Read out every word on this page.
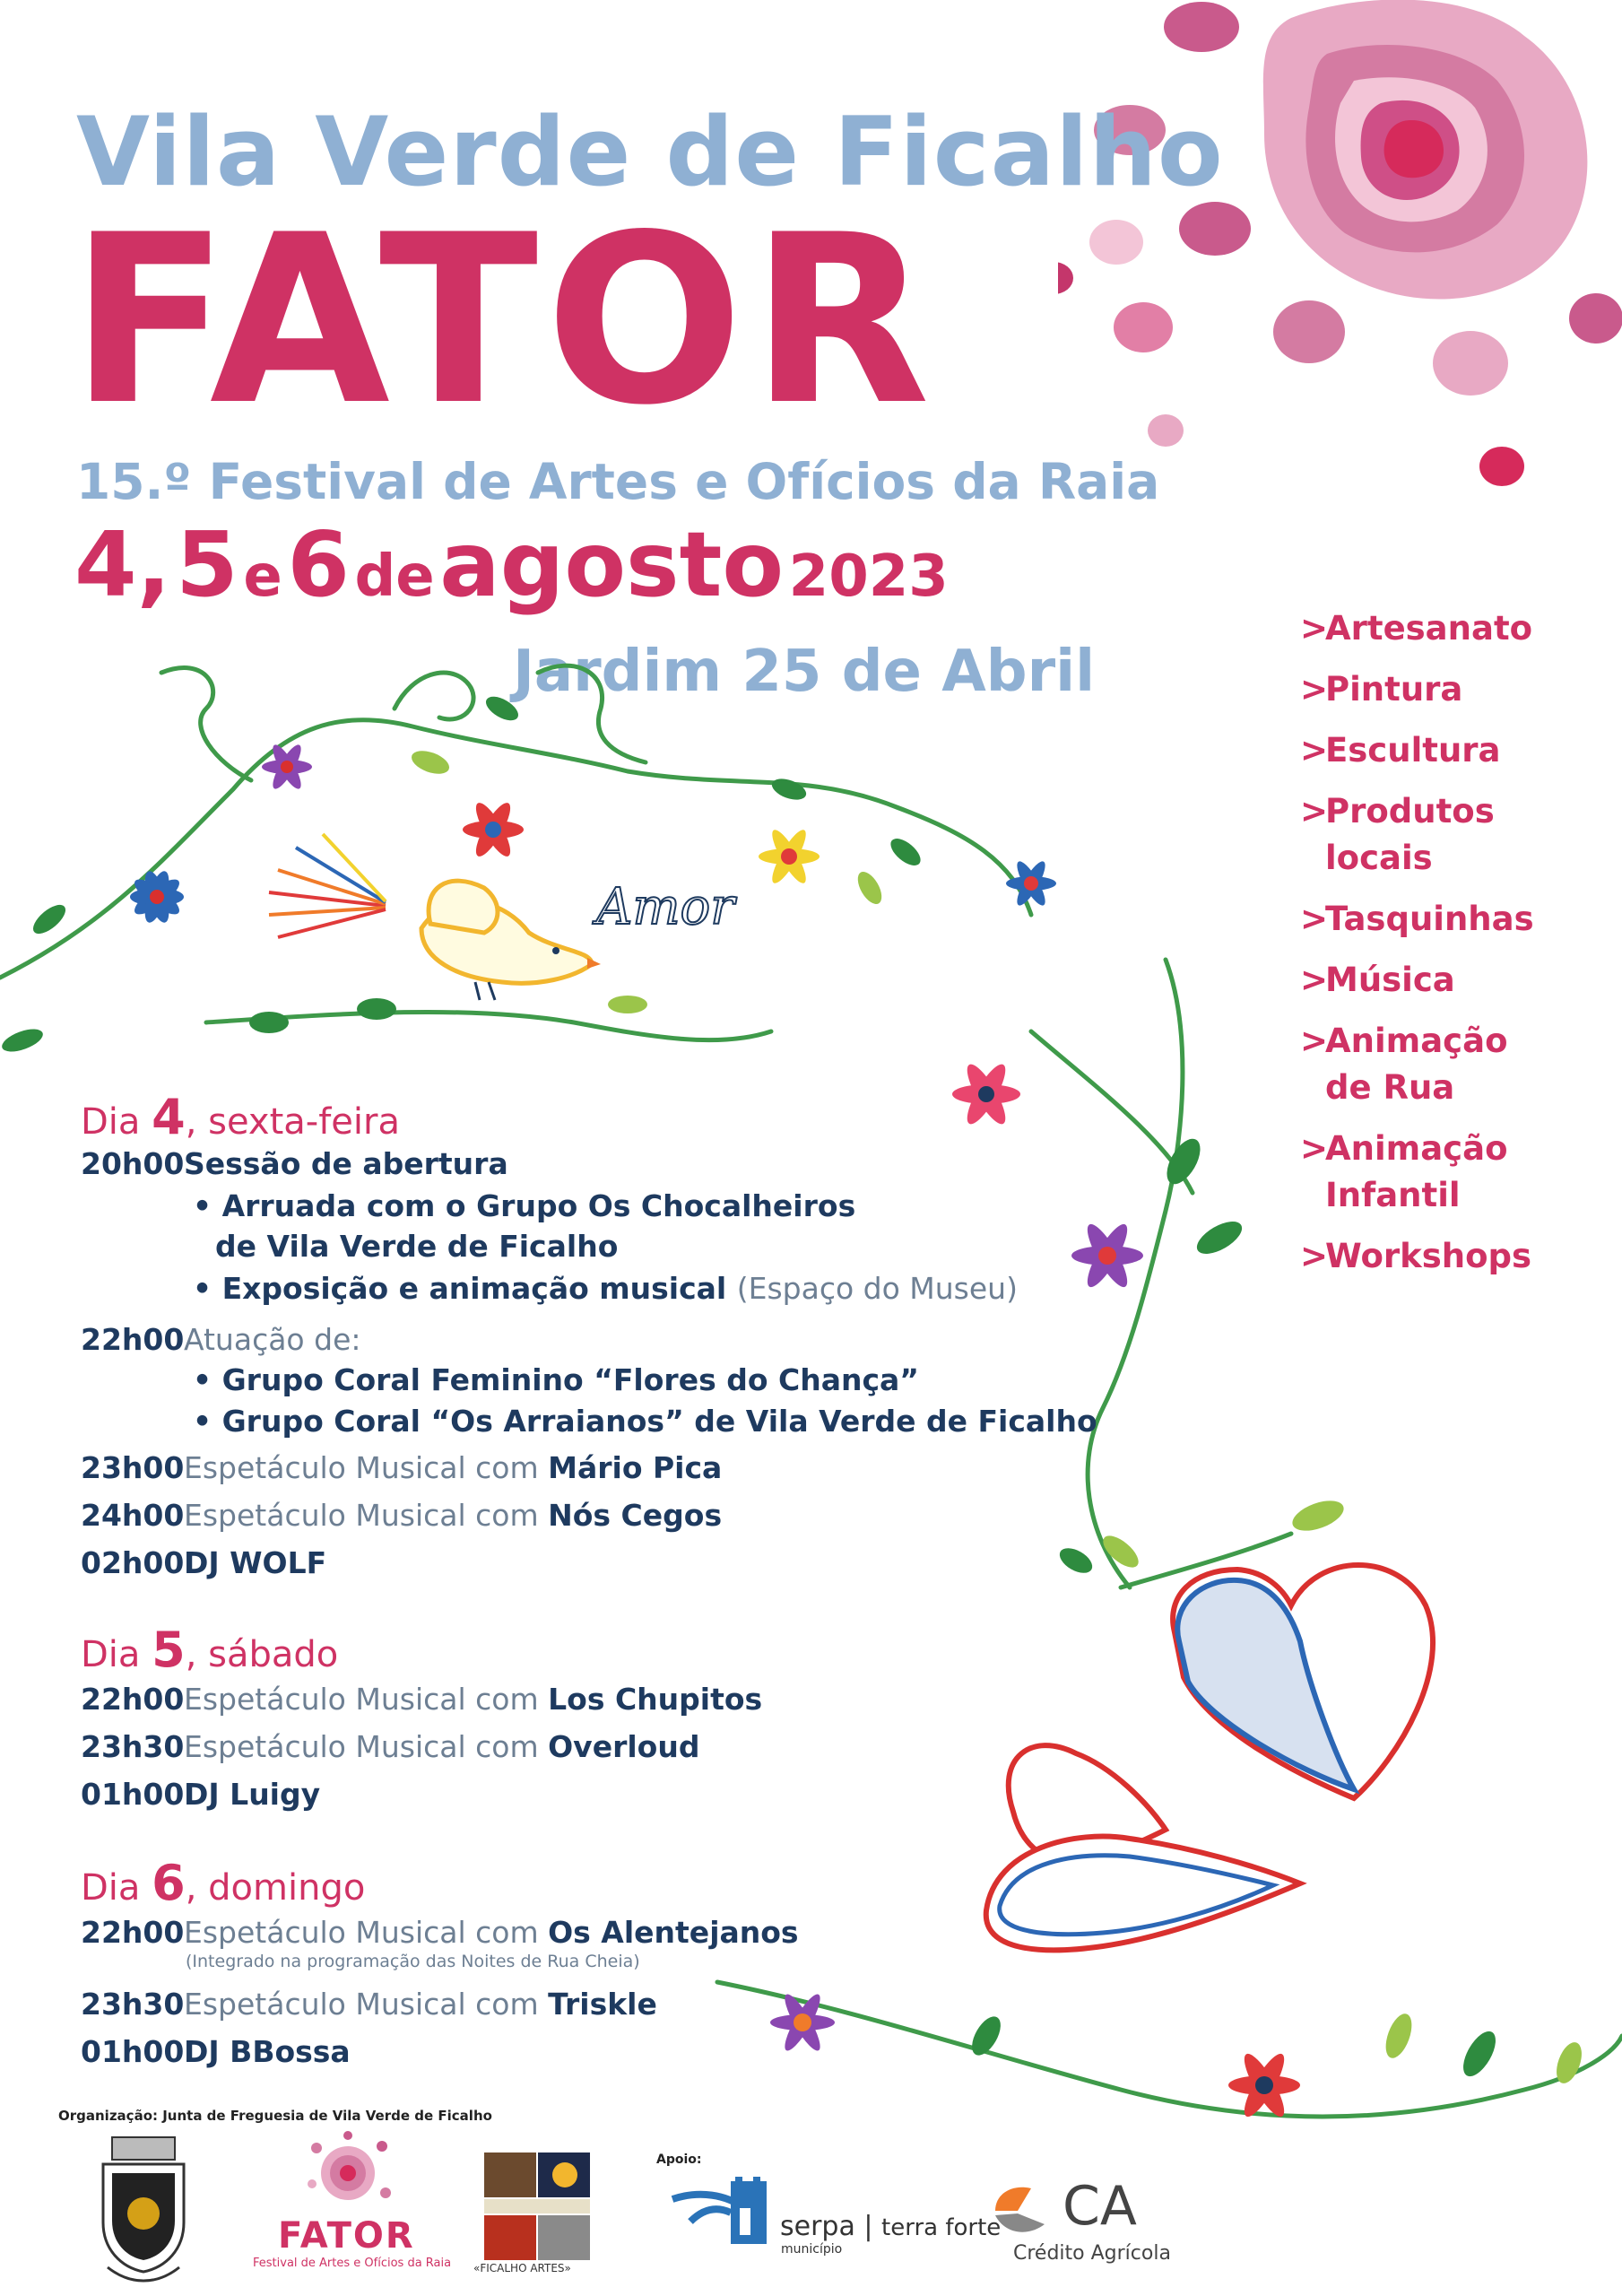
Vila Verde de Ficalho
FATOR
15.º Festival de Artes e Ofícios da Raia
4, 5 e 6 de agosto 2023
Jardim 25 de Abril
Amor
>Artesanato
>Pintura
>Escultura
>Produtos locais
>Tasquinhas
>Música
>Animação de Rua
>Animação Infantil
>Workshops
Dia 4, sexta-feira
20h00Sessão de abertura
• Arruada com o Grupo Os Chocalheiros
de Vila Verde de Ficalho
• Exposição e animação musical (Espaço do Museu)
22h00Atuação de:
• Grupo Coral Feminino “Flores do Chança”
• Grupo Coral “Os Arraianos” de Vila Verde de Ficalho
23h00Espetáculo Musical com Mário Pica
24h00Espetáculo Musical com Nós Cegos
02h00DJ WOLF
Dia 5, sábado
22h00Espetáculo Musical com Los Chupitos
23h30Espetáculo Musical com Overloud
01h00DJ Luigy
Dia 6, domingo
22h00Espetáculo Musical com Os Alentejanos
(Integrado na programação das Noites de Rua Cheia)
23h30Espetáculo Musical com Triskle
01h00DJ BBossa
Organização: Junta de Freguesia de Vila Verde de Ficalho
FATOR
Festival de Artes e Ofícios da Raia «FICALHO ARTES»
Apoio:
serpa | terra forte
município
CA
Crédito Agrícola
